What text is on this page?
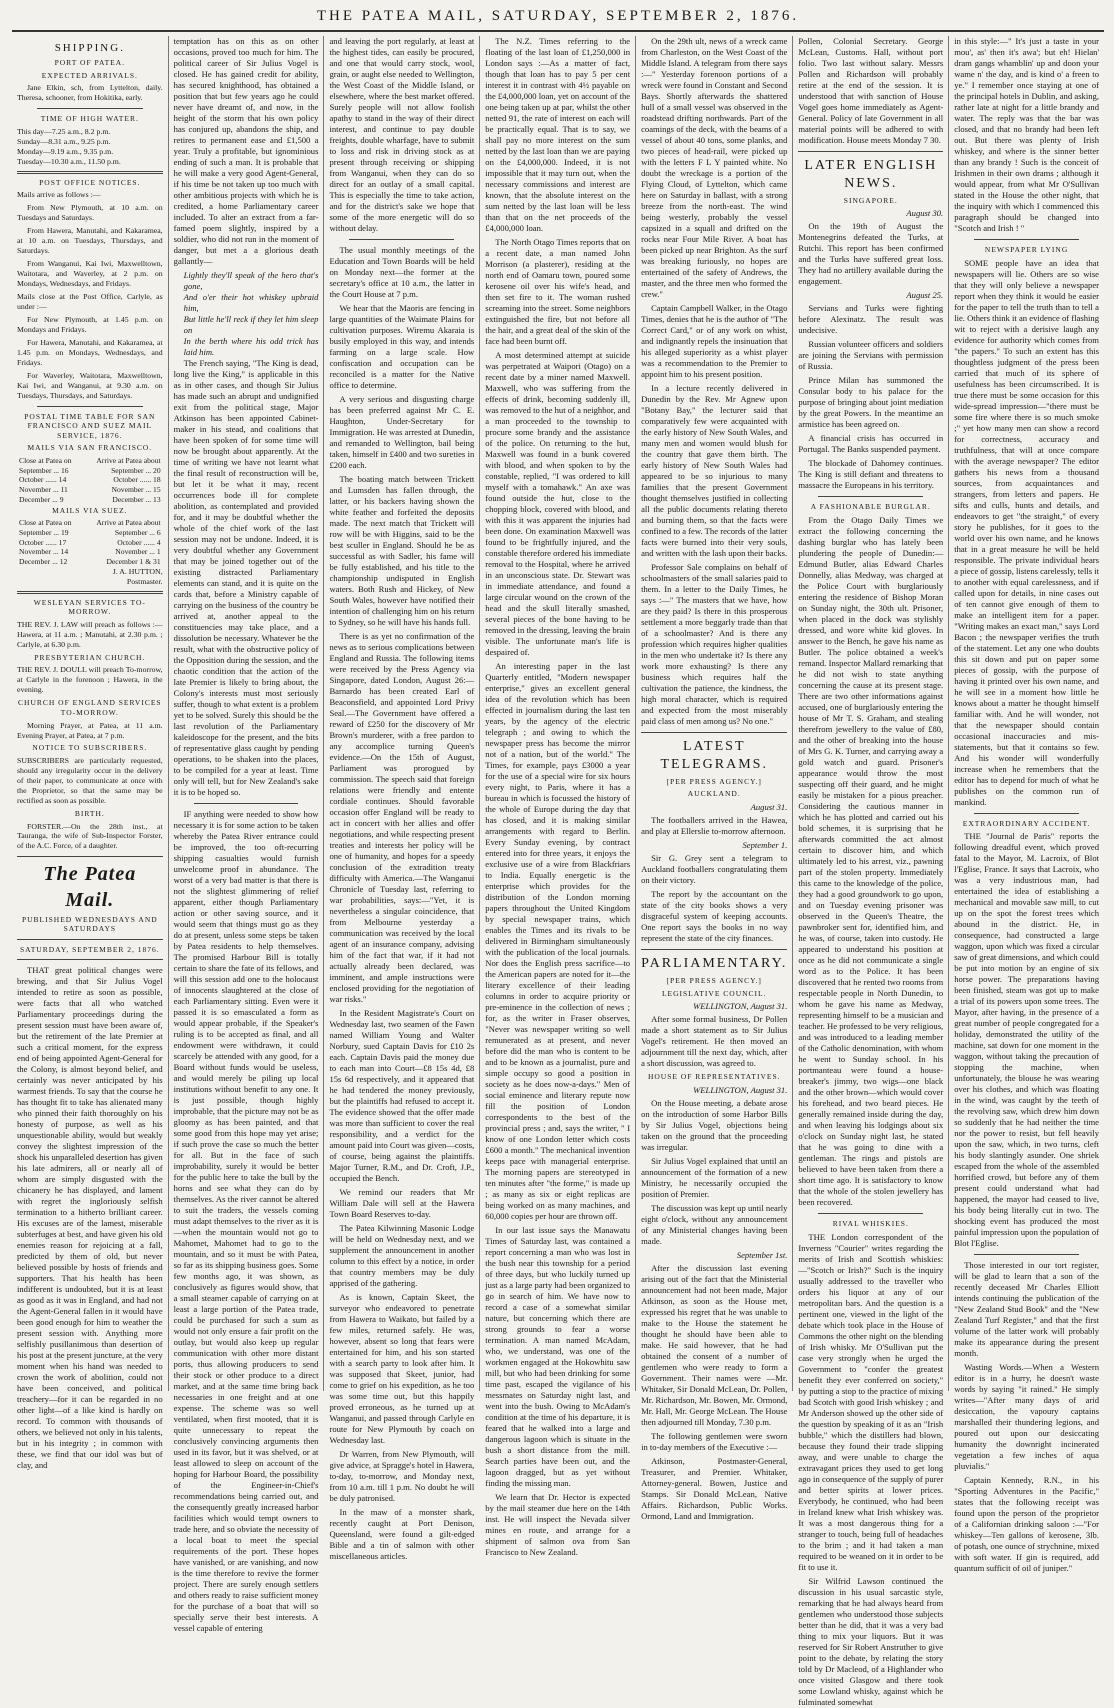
THE PATEA MAIL, SATURDAY, SEPTEMBER 2, 1876.
SHIPPING.
PORT OF PATEA.
EXPECTED ARRIVALS.

Jane Elkin, sch, from Lyttelton, daily. Theresa, schooner, from Hokitika, early.

TIME OF HIGH WATER.
This day—7.25 a.m., 8.2 p.m.
Sunday—8.31 a.m., 9.25 p.m.
Monday—9.19 a.m., 9.35 p.m.
Tuesday—10.30 a.m., 11.50 p.m.
POST OFFICE NOTICES.

Mails arrive as follows :—

From New Plymouth, at 10 a.m. on Tuesdays and Saturdays.

From Hawera, Manutahi, and Kakaramea, at 10 a.m. on Tuesdays, Thursdays, and Saturdays.

From Wanganui, Kai Iwi, Maxwelltown, Waitotara, and Waverley, at 2 p.m. on Mondays, Wednesdays, and Fridays.

Mails close at the Post Office, Carlyle, as under :—

For New Plymouth, at 1.45 p.m. on Mondays and Fridays.

For Hawera, Manutahi, and Kakaramea, at 1.45 p.m. on Mondays, Wednesdays, and Fridays.

For Waverley, Waitotara, Maxwelltown, Kai Iwi, and Wanganui, at 9.30 a.m. on Tuesdays, Thursdays, and Saturdays.

POSTAL TIME TABLE FOR SAN FRANCISCO AND SUEZ MAIL SERVICE, 1876.
MAILS VIA SAN FRANCISCO.
Close at Patea on	Arrive at Patea about
September ... 16	September ... 20
October ...... 14	October ...... 18
November ... 11	November ... 15
December ... 9	December ... 13
MAILS VIA SUEZ.
Close at Patea on	Arrive at Patea about
September ... 19	September ... 6
October ...... 17	October ...... 4
November ... 14	November ... 1
December ... 12	December 1 & 31
J. A. HUTTON,
Postmaster.
WESLEYAN SERVICES TO-MORROW.

THE REV. J. LAW will preach as follows :— Hawera, at 11 a.m. ; Manutahi, at 2.30 p.m. ; Carlyle, at 6.30 p.m.

PRESBYTERIAN CHURCH.

THE REV. J. DOULL will preach To-morrow, at Carlyle in the forenoon ; Hawera, in the evening.

CHURCH OF ENGLAND SERVICES TO-MORROW.

Morning Prayer, at Patea, at 11 a.m. Evening Prayer, at Patea, at 7 p.m.

NOTICE TO SUBSCRIBERS.

SUBSCRIBERS are particularly requested, should any irregularity occur in the delivery of their paper, to communicate at once with the Proprietor, so that the same may be rectified as soon as possible.

BIRTH.

FORSTER.—On the 28th inst., at Tauranga, the wife of Sub-Inspector Forster, of the A.C. Force, of a daughter.

The Patea Mail.
PUBLISHED WEDNESDAYS AND SATURDAYS
SATURDAY, SEPTEMBER 2, 1876.

THAT great political changes were brewing, and that Sir Julius Vogel intended to retire as soon as possible, were facts that all who watched Parliamentary proceedings during the present session must have been aware of, but the retirement of the late Premier at such a critical moment, for the express end of being appointed Agent-General for the Colony, is almost beyond belief, and certainly was never anticipated by his warmest friends. To say that the course he has thought fit to take has alienated many who pinned their faith thoroughly on his honesty of purpose, as well as his unquestionable ability, would but weakly convey the slightest impression of the shock his unparalleled desertion has given his late admirers, all or nearly all of whom are simply disgusted with the chicanery he has displayed, and lament with regret the ingloriously selfish termination to a hitherto brilliant career. His excuses are of the lamest, miserable subterfuges at best, and have given his old enemies reason for rejoicing at a fall, predicted by them of old, but never believed possible by hosts of friends and supporters. That his health has been indifferent is undoubted, but it is at least as good as it was in England, and had not the Agent-General fallen in it would have been good enough for him to weather the present session with. Anything more selfishly pusillanimous than desertion of his post at the present juncture, at the very moment when his hand was needed to crown the work of abolition, could not have been conceived, and political treachery—for it can be regarded in no other light—of a like kind is hardly on record. To common with thousands of others, we believed not only in his talents, but in his integrity ; in common with these, we find that our idol was but of clay, and

temptation has on this as on other occasions, proved too much for him. The political career of Sir Julius Vogel is closed. He has gained credit for ability, has secured knighthood, has obtained a position that but few years ago he could never have dreamt of, and now, in the height of the storm that his own policy has conjured up, abandons the ship, and retires to permanent ease and £1,500 a year. Truly a profitable, but ignominious ending of such a man. It is probable that he will make a very good Agent-General, if his time be not taken up too much with other ambitious projects with which he is credited, a home Parliamentary career included. To alter an extract from a far-famed poem slightly, inspired by a soldier, who did not run in the moment of danger, but met a a glorious death gallantly—

Lightly they'll speak of the hero that's gone,
And o'er their hot whiskey upbraid him,
But little he'll reck if they let him sleep on
In the berth where his odd trick has laid him.

The French saying, "The King is dead, long live the King," is applicable in this as in other cases, and though Sir Julius has made such an abrupt and undignified exit from the political stage, Major Atkinson has been appointed Cabinet-maker in his stead, and coalitions that have been spoken of for some time will now be brought about apparently. At the time of writing we have not learnt what the final result of reconstruction will be, but let it be what it may, recent occurrences bode ill for complete abolition, as contemplated and provided for, and it may be doubtful whether the whole of the chief work of the last session may not be undone. Indeed, it is very doubtful whether any Government that may be joined together out of the existing distracted Parliamentary elements can stand, and it is quite on the cards that, before a Ministry capable of carrying on the business of the country be arrived at, another appeal to the constituencies may take place, and a dissolution be necessary. Whatever be the result, what with the obstructive policy of the Opposition during the session, and the chaotic condition that the action of the late Premier is likely to bring about, the Colony's interests must most seriously suffer, though to what extent is a problem yet to be solved. Surely this should be the last revolution of the Parliamentary kaleidoscope for the present, and the bits of representative glass caught by pending operations, to be shaken into the places, to be compiled for a year at least. Time only will tell, but for New Zealand's sake it is to be hoped so.

IF anything were needed to show how necessary it is for some action to be taken whereby the Patea River entrance could be improved, the too oft-recurring shipping casualties would furnish unwelcome proof in abundance. The worst of a very bad matter is that there is not the slightest glimmering of relief apparent, either though Parliamentary action or other saving source, and it would seem that things must go as they do at present, unless some steps be taken by Patea residents to help themselves. The promised Harbour Bill is totally certain to share the fate of its fellows, and will this session add one to the holocaust of innocents slaughtered at the close of each Parliamentary sitting. Even were it passed it is so emasculated a form as would appear probable, if the Speaker's ruling is to be accepted as final, and all endowment were withdrawn, it could scarcely be attended with any good, for a Board without funds would be useless, and would merely be piling up local institutions without benefit to any one. It is just possible, though highly improbable, that the picture may not be as gloomy as has been painted, and that some good from this hope may yet arise; if such prove the case so much the better for all. But in the face of such improbability, surely it would be better for the public here to take the bull by the horns and see what they can do by themselves. As the river cannot be altered to suit the traders, the vessels coming must adapt themselves to the river as it is—when the mountain would not go to Mahomet, Mahomet had to go to the mountain, and so it must be with Patea, so far as its shipping business goes. Some few months ago, it was shown, as conclusively as figures would show, that a small steamer capable of carrying on at least a large portion of the Patea trade, could be purchased for such a sum as would not only ensure a fair profit on the outlay, but would also keep up regular communication with other more distant ports, thus allowing producers to send their stock or other produce to a direct market, and at the same time bring back necessaries in one freight and at one expense. The scheme was so well ventilated, when first mooted, that it is quite unnecessary to repeat the conclusively convincing arguments then used in its favor, but it was shelved, or at least allowed to sleep on account of the hoping for Harbour Board, the possibility of the Engineer-in-Chief's recommendations being carried out, and the consequently greatly increased harbor facilities which would tempt owners to trade here, and so obviate the necessity of a local boat to meet the special requirements of the port. These hopes have vanished, or are vanishing, and now is the time therefore to revive the former project. There are surely enough settlers and others ready to raise sufficient money for the purchase of a boat that will so specially serve their best interests. A vessel capable of entering

and leaving the port regularly, at least at the highest tides, can easily be procured, and one that would carry stock, wool, grain, or aught else needed to Wellington, the West Coast of the Middle Island, or elsewhere, where the best market offered. Surely people will not allow foolish apathy to stand in the way of their direct interest, and continue to pay double freights, double wharfage, have to submit to loss and risk in driving stock as at present through receiving or shipping from Wanganui, when they can do so direct for an outlay of a small capital. This is especially the time to take action, and for the district's sake we hope that some of the more energetic will do so without delay.

The usual monthly meetings of the Education and Town Boards will be held on Monday next—the former at the secretary's office at 10 a.m., the latter in the Court House at 7 p.m.

We hear that the Maoris are fencing in large quantities of the Waimate Plains for cultivation purposes. Wiremu Akaraia is busily employed in this way, and intends farming on a large scale. How confiscation and occupation can be reconciled is a matter for the Native office to determine.

A very serious and disgusting charge has been preferred against Mr C. E. Haughton, Under-Secretary for Immigration. He was arrested at Dunedin, and remanded to Wellington, bail being taken, himself in £400 and two sureties in £200 each.

The boating match between Trickett and Lumsden has fallen through, the latter, or his backers having shown the white feather and forfeited the deposits made. The next match that Trickett will row will be with Higgins, said to be the best sculler in England. Should he be as successful as with Sadler, his fame will be fully established, and his title to the championship undisputed in English waters. Both Rush and Hickey, of New South Wales, however have notified their intention of challenging him on his return to Sydney, so he will have his hands full.

There is as yet no confirmation of the news as to serious complications between England and Russia. The following items were received by the Press Agency via Singapore, dated London, August 26:—Barnardo has been created Earl of Beaconsfield, and appointed Lord Privy Seal.—The Government have offered a reward of £250 for the discovery of Mr Brown's murderer, with a free pardon to any accomplice turning Queen's evidence.—On the 15th of August, Parliament was prorogued by commission. The speech said that foreign relations were friendly and entente cordiale continues. Should favorable occasion offer England will be ready to act in concert with her allies and offer negotiations, and while respecting present treaties and interests her policy will be one of humanity, and hopes for a speedy conclusion of the extradition treaty difficulty with America.—The Wanganui Chronicle of Tuesday last, referring to war probabilities, says:—"Yet, it is nevertheless a singular coincidence, that from Melbourne yesterday a communication was received by the local agent of an insurance company, advising him of the fact that war, if it had not actually already been declared, was imminent, and ample instructions were enclosed providing for the negotiation of war risks."

In the Resident Magistrate's Court on Wednesday last, two seamen of the Fawn named William Young and Walter Norbury, sued Captain Davis for £10 2s each. Captain Davis paid the money due to each man into Court—£8 15s 4d, £8 15s 6d respectively, and it appeared that he had tendered the money previously, but the plaintiffs had refused to accept it. The evidence showed that the offer made was more than sufficient to cover the real responsibility, and a verdict for the amount paid into Court was given—costs, of course, being against the plaintiffs. Major Turner, R.M., and Dr. Croft, J.P., occupied the Bench.

We remind our readers that Mr William Dale will sell at the Hawera Town Board Reserves to-day.

The Patea Kilwinning Masonic Lodge will be held on Wednesday next, and we supplement the announcement in another column to this effect by a notice, in order that country members may be duly apprised of the gathering.

As is known, Captain Skeet, the surveyor who endeavored to penetrate from Hawera to Waikato, but failed by a few miles, returned safely. He was, however, absent so long that fears were entertained for him, and his son started with a search party to look after him. It was supposed that Skeet, junior, had come to grief on his expedition, as he too was some time out, but this happily proved erroneous, as he turned up at Wanganui, and passed through Carlyle en route for New Plymouth by coach on Wednesday last.

Dr Warren, from New Plymouth, will give advice, at Spragge's hotel in Hawera, to-day, to-morrow, and Monday next, from 10 a.m. till 1 p.m. No doubt he will be duly patronised.

In the maw of a monster shark, recently caught at Port Denison, Queensland, were found a gilt-edged Bible and a tin of salmon with other miscellaneous articles.

The N.Z. Times referring to the floating of the last loan of £1,250,000 in London says :—As a matter of fact, though that loan has to pay 5 per cent interest it in contrast with 4½ payable on the £4,000,000 loan, yet on account of the one being taken up at par, whilst the other netted 91, the rate of interest on each will be practically equal. That is to say, we shall pay no more interest on the sum netted by the last loan than we are paying on the £4,000,000. Indeed, it is not impossible that it may turn out, when the necessary commissions and interest are known, that the absolute interest on the sum netted by the last loan will be less than that on the net proceeds of the £4,000,000 loan.

The North Otago Times reports that on a recent date, a man named John Morrison (a plasterer), residing at the north end of Oamaru town, poured some kerosene oil over his wife's head, and then set fire to it. The woman rushed screaming into the street. Some neighbors extinguished the fire, but not before all the hair, and a great deal of the skin of the face had been burnt off.

A most determined attempt at suicide was perpetrated at Waipori (Otago) on a recent date by a miner named Maxwell. Maxwell, who was suffering from the effects of drink, becoming suddenly ill, was removed to the hut of a neighbor, and a man proceeded to the township to procure some brandy and the assistance of the police. On returning to the hut, Maxwell was found in a bunk covered with blood, and when spoken to by the constable, replied, "I was ordered to kill myself with a tomahawk." An axe was found outside the hut, close to the chopping block, covered with blood, and with this it was apparent the injuries had been done. On examination Maxwell was found to be frightfully injured, and the constable therefore ordered his immediate removal to the Hospital, where he arrived in an unconscious state. Dr. Stewart was in immediate attendance, and found a large circular wound on the crown of the head and the skull literally smashed, several pieces of the bone having to be removed in the dressing, leaving the brain visible. The unfortunate man's life is despaired of.

An interesting paper in the last Quarterly entitled, "Modern newspaper enterprise," gives an excellent general idea of the revolution which has been effected in journalism during the last ten years, by the agency of the electric telegraph ; and owing to which the newspaper press has become the mirror not of a nation, but of the world." The Times, for example, pays £3000 a year for the use of a special wire for six hours every night, to Paris, where it has a bureau in which is focussed the history of the whole of Europe during the day that has closed, and it is making similar arrangements with regard to Berlin. Every Sunday evening, by contract entered into for three years, it enjoys the exclusive use of a wire from Blackfriars to India. Equally energetic is the enterprise which provides for the distribution of the London morning papers throughout the United Kingdom by special newspaper trains, which enables the Times and its rivals to be delivered in Birmingham simultaneously with the publication of the local journals. Nor does the English press sacrifice—to the American papers are noted for it—the literary excellence of their leading columns in order to acquire priority or pre-eminence in the collection of news ; for, as the writer in Fraser observes, "Never was newspaper writing so well remunerated as at present, and never before did the man who is content to be and to be known as a journalist, pure and simple occupy so good a position in society as he does now-a-days." Men of social eminence and literary repute now fill the position of London correspondents to the best of the provincial press ; and, says the writer, " I know of one London letter which costs £600 a month." The mechanical invention keeps pace with managerial enterprise. The morning papers are stereotyped in ten minutes after "the forme," is made up ; as many as six or eight replicas are being worked on as many machines, and 60,000 copies per hour are thrown off.

In our last issue says the Manawatu Times of Saturday last, was contained a report concerning a man who was lost in the bush near this township for a period of three days, but who luckily turned up just as a large party had been organized to go in search of him. We have now to record a case of a somewhat similar nature, but concerning which there are strong grounds to fear a worse termination. A man named McAdam, who, we understand, was one of the workmen engaged at the Hokowhitu saw mill, but who had been drinking for some time past, escaped the vigilance of his messmates on Saturday night last, and went into the bush. Owing to McAdam's condition at the time of his departure, it is feared that he walked into a large and dangerous lagoon which is situate in the bush a short distance from the mill. Search parties have been out, and the lagoon dragged, but as yet without finding the missing man.

We learn that Dr. Hector is expected by the mail steamer due here on the 14th inst. He will inspect the Nevada silver mines en route, and arrange for a shipment of salmon ova from San Francisco to New Zealand.

On the 29th ult, news of a wreck came from Charleston, on the West Coast of the Middle Island. A telegram from there says :—" Yesterday forenoon portions of a wreck were found in Constant and Second Bays. Shortly afterwards the shattered hull of a small vessel was observed in the roadstead drifting northwards. Part of the coamings of the deck, with the beams of a vessel of about 40 tons, some planks, and two pieces of head-rail, were picked up with the letters F L Y painted white. No doubt the wreckage is a portion of the Flying Cloud, of Lyttelton, which came here on Saturday in ballast, with a strong breeze from the north-east. The wind being westerly, probably the vessel capsized in a squall and drifted on the rocks near Four Mile River. A boat has been picked up near Brighton. As the surf was breaking furiously, no hopes are entertained of the safety of Andrews, the master, and the three men who formed the crew."

Captain Campbell Walker, in the Otago Times, denies that he is the author of "The Correct Card," or of any work on whist, and indignantly repels the insinuation that his alleged superiority as a whist player was a recommendation to the Premier to appoint him to his present position.

In a lecture recently delivered in Dunedin by the Rev. Mr Agnew upon "Botany Bay," the lecturer said that comparatively few were acquainted with the early history of New South Wales, and many men and women would blush for the country that gave them birth. The early history of New South Wales had appeared to be so injurious to many families that the present Government thought themselves justified in collecting all the public documents relating thereto and burning them, so that the facts were confined to a few. The records of the latter facts were burned into their very souls, and written with the lash upon their backs.

Professor Sale complains on behalf of schoolmasters of the small salaries paid to them. In a letter to the Daily Times, he says :—" The masters that we have, how are they paid? Is there in this prosperous settlement a more beggarly trade than that of a schoolmaster? And is there any profession which requires higher qualities in the men who undertake it? Is there any work more exhausting? Is there any business which requires half the cultivation the patience, the kindness, the high moral character, which is required and expected from the most miserably paid class of men among us? No one."

LATEST TELEGRAMS.
[PER PRESS AGENCY.]
AUCKLAND.

August 31.

The footballers arrived in the Hawea, and play at Ellerslie to-morrow afternoon.

September 1.

Sir G. Grey sent a telegram to Auckland footballers congratulating them on their victory.

The report by the accountant on the state of the city books shows a very disgraceful system of keeping accounts. One report says the books in no way represent the state of the city finances.

PARLIAMENTARY.
[PER PRESS AGENCY.]
LEGISLATIVE COUNCIL.

WELLINGTON, August 31.

After some formal business, Dr Pollen made a short statement as to Sir Julius Vogel's retirement. He then moved an adjournment till the next day, which, after a short discussion, was agreed to.

HOUSE OF REPRESENTATIVES.

WELLINGTON, August 31.

On the House meeting, a debate arose on the introduction of some Harbor Bills by Sir Julius Vogel, objections being taken on the ground that the proceeding was irregular.

Sir Julius Vogel explained that until an announcement of the formation of a new Ministry, he necessarily occupied the position of Premier.

The discussion was kept up until nearly eight o'clock, without any announcement of any Ministerial changes having been made.

September 1st.

After the discussion last evening arising out of the fact that the Ministerial announcement had not been made, Major Atkinson, as soon as the House met, expressed his regret that he was unable to make to the House the statement he thought he should have been able to make. He said however, that he had obtained the consent of a number of gentlemen who were ready to form a Government. Their names were —Mr. Whitaker, Sir Donald McLean, Dr. Pollen, Mr. Richardson, Mr. Bowen, Mr. Ormond, Mr. Hall, Mr. George McLean. The House then adjourned till Monday, 7.30 p.m.

The following gentlemen were sworn in to-day members of the Executive :—

Atkinson, Postmaster-General, Treasurer, and Premier. Whitaker, Attorney-general. Bowen, Justice and Stamps. Sir Donald McLean, Native Affairs. Richardson, Public Works. Ormond, Land and Immigration.

Pollen, Colonial Secretary. George McLean, Customs. Hall, without port folio. Two last without salary. Messrs Pollen and Richardson will probably retire at the end of the session. It is understood that with sanction of House Vogel goes home immediately as Agent-General. Policy of late Government in all material points will be adhered to with modification. House meets Monday 7 30.

LATER ENGLISH NEWS.
SINGAPORE.

August 30.

On the 19th of August the Montenegrins defeated the Turks, at Rutchi. This report has been confirmed and the Turks have suffered great loss. They had no artillery available during the engagement.

August 25.

Servians and Turks were fighting before Alexinatz. The result was undecisive.

Russian volunteer officers and soldiers are joining the Servians with permission of Russia.

Prince Milan has summoned the Consular body to his palace for the purpose of bringing about joint mediation by the great Powers. In the meantime an armistice has been agreed on.

A financial crisis has occurred in Portugal. The Banks suspended payment.

The blockade of Dahomey continues. The King is still defiant and threatens to massacre the Europeans in his territory.

A FASHIONABLE BURGLAR.

From the Otago Daily Times we extract the following concerning the dashing burglar who has lately been plundering the people of Dunedin:—Edmund Butler, alias Edward Charles Donnelly, alias Medway, was charged at the Police Court with burglariously entering the residence of Bishop Moran on Sunday night, the 30th ult. Prisoner, when placed in the dock was stylishly dressed, and wore white kid gloves. In answer to the Bench, he gave his name as Butler. The police obtained a week's remand. Inspector Mallard remarking that he did not wish to state anything concerning the cause at its present stage. There are two other informations against accused, one of burglariously entering the house of Mr T. S. Graham, and stealing therefrom jewellery to the value of £80, and the other of breaking into the house of Mrs G. K. Turner, and carrying away a gold watch and guard. Prisoner's appearance would throw the most suspecting off their guard, and he might easily be mistaken for a pious preacher. Considering the cautious manner in which he has plotted and carried out his bold schemes, it is surprising that he afterwards committed the act almost certain to discover him, and which ultimately led to his arrest, viz., pawning part of the stolen property. Immediately this came to the knowledge of the police, they had a good groundwork to go upon, and on Tuesday evening prisoner was observed in the Queen's Theatre, the pawnbroker sent for, identified him, and he was, of course, taken into custody. He appeared to understand his position at once as he did not communicate a single word as to the Police. It has been discovered that he rented two rooms from respectable people in North Dunedin, to whom he gave his name as Medway, representing himself to be a musician and teacher. He professed to be very religious, and was introduced to a leading member of the Catholic denomination, with whom he went to Sunday school. In his portmanteau were found a house-breaker's jimmy, two wigs—one black and the other brown—which would cover his forehead, and two beard pieces. He generally remained inside during the day, and when leaving his lodgings about six o'clock on Sunday night last, he stated that he was going to dine with a gentleman. The rings and pistols are believed to have been taken from there a short time ago. It is satisfactory to know that the whole of the stolen jewellery has been recovered.

RIVAL WHISKIES.

THE London correspondent of the Inverness "Courier" writes regarding the merits of Irish and Scottish whiskies:—"Scotch or Irish?" Such is the inquiry usually addressed to the traveller who orders his liquor at any of our metropolitan bars. And the question is a pertinent one, viewed in the light of the debate which took place in the House of Commons the other night on the blending of Irish whisky. Mr O'Sullivan put the case very strongly when he urged the Government to "confer the greatest benefit they ever conferred on society," by putting a stop to the practice of mixing bad Scotch with good Irish whiskey ; and Mr Anderson showed up the other side of the question by speaking of it as an "Irish bubble," which the distillers had blown, because they found their trade slipping away, and were unable to charge the extravagant prices they used to get long ago in consequence of the supply of purer and better spirits at lower prices. Everybody, he continued, who had been in Ireland knew what Irish whiskey was. It was a most dangerous thing for a stranger to touch, being full of headaches to the brim ; and it had taken a man required to be weaned on it in order to be fit to use it.

Sir Wilfrid Lawson continued the discussion in his usual sarcastic style, remarking that he had always heard from gentlemen who understood those subjects better than he did, that it was a very bad thing to mix your liquors. But it was reserved for Sir Robert Anstruther to give point to the debate, by relating the story told by Dr Macleod, of a Highlander who once visited Glasgow and there took some Lowland whisky, against which he fulminated somewhat

in this style:—" It's just a taste in your mou', as' then it's awa'; but eh! Hielan' dram gangs whamblin' up and doon your wame n' the day, and is kind o' a freen to ye." I remember once staying at one of the principal hotels in Dublin, and asking, rather late at night for a little brandy and water. The reply was that the bar was closed, and that no brandy had been left out. But there was plenty of Irish whiskey, and where is the sinner better than any brandy ! Such is the conceit of Irishmen in their own drams ; although it would appear, from what Mr O'Sullivan stated in the House the other night, that the inquiry with which I commenced this paragraph should be changed into "Scotch and Irish ! "

NEWSPAPER LYING

SOME people have an idea that newspapers will lie. Others are so wise that they will only believe a newspaper report when they think it would be easier for the paper to tell the truth than to tell a lie. Others think it an evidence of flashing wit to reject with a derisive laugh any evidence for authority which comes from "the papers." To such an extent has this thoughtless judgment of the press been carried that much of its sphere of usefulness has been circumscribed. It is true there must be some occasion for this wide-spread impression—"there must be some fire where there is so much smoke ;" yet how many men can show a record for correctness, accuracy and truthfulness, that will at once compare with the average newspaper? The editor gathers his news from a thousand sources, from acquaintances and strangers, from letters and papers. He sifts and culls, hunts and details, and endeavors to get "the straight," of every story he publishes, for it goes to the world over his own name, and he knows that in a great measure he will be held responsible. The private individual hears a piece of gossip, listens carelessly, tells it to another with equal carelessness, and if called upon for details, in nine cases out of ten cannot give enough of them to make an intelligent item for a paper. "Writing makes an exact man," says Lord Bacon ; the newspaper verifies the truth of the statement. Let any one who doubts this sit down and put on paper some pieces of gossip, with the purpose of having it printed over his own name, and he will see in a moment how little he knows about a matter he thought himself familiar with. And he will wonder, not that the newspaper should contain occasional inaccuracies and mis-statements, but that it contains so few. And his wonder will wonderfully increase when he remembers that the editor has to depend for much of what he publishes on the common run of mankind.

EXTRAORDINARY ACCIDENT.

THE "Journal de Paris" reports the following dreadful event, which proved fatal to the Mayor, M. Lacroix, of Blot l'Eglise, France. It says that Lacroix, who was a very industrious man, had entertained the idea of establishing a mechanical and movable saw mill, to cut up on the spot the forest trees which abound in the district. He, in consequence, had constructed a large waggon, upon which was fixed a circular saw of great dimensions, and which could be put into motion by an engine of six horse power. The preparations having been finished, steam was got up to make a trial of its powers upon some trees. The Mayor, after having, in the presence of a great number of people congregated for a holiday, demonstrated the utility of the machine, sat down for one moment in the waggon, without taking the precaution of stopping the machine, when unfortunately, the blouse he was wearing over his clothes, and which was floating in the wind, was caught by the teeth of the revolving saw, which drew him down so suddenly that he had neither the time nor the power to resist, but fell heavily upon the saw, which, in two turns, cleft his body slantingly asunder. One shriek escaped from the whole of the assembled horrified crowd, but before any of them present could understand what had happened, the mayor had ceased to live, his body being literally cut in two. The shocking event has produced the most painful impression upon the population of Blot l'Eglise.

Those interested in our tort register, will be glad to learn that a son of the recently deceased Mr Charles Elliott intends continuing the publication of the "New Zealand Stud Book" and the "New Zealand Turf Register," and that the first volume of the latter work will probably make its appearance during the present month.

Wasting Words.—When a Western editor is in a hurry, he doesn't waste words by saying "it rained." He simply writes—"After many days of arid desiccation, the vapoury captains marshalled their thundering legions, and poured out upon our desiccating humanity the downright incinerated vegetation a few inches of aqua pluvialis."

Captain Kennedy, R.N., in his "Sporting Adventures in the Pacific," states that the following receipt was found upon the person of the proprietor of a Californian drinking saloon :—"For whiskey—Ten gallons of kerosene, 3lb. of potash, one ounce of strychnine, mixed with soft water. If gin is required, add quantum sufficit of oil of juniper."
